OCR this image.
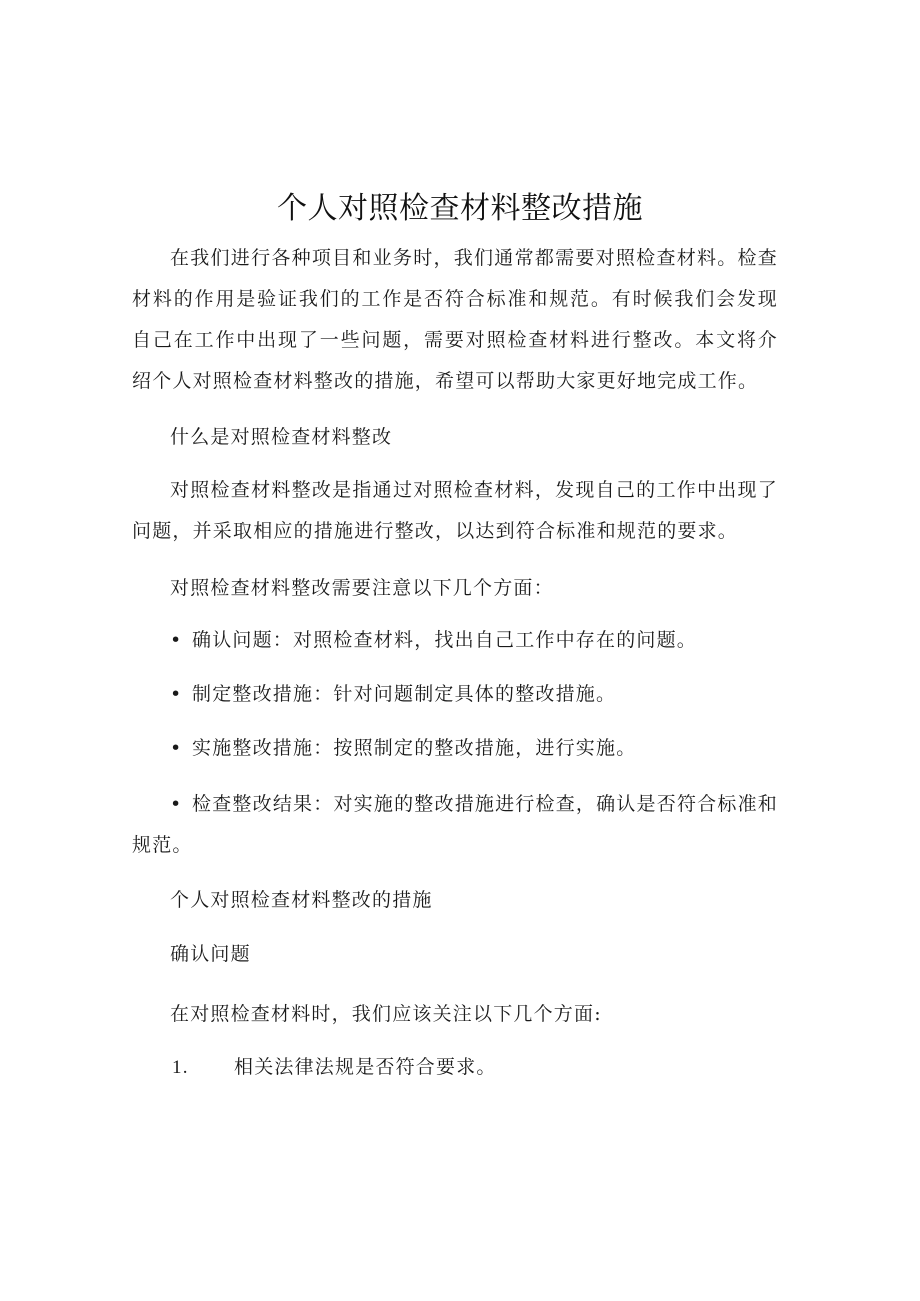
个人对照检查材料整改措施

在我们进行各种项目和业务时，我们通常都需要对照检查材料。检查材料的作用是验证我们的工作是否符合标准和规范。有时候我们会发现自己在工作中出现了一些问题，需要对照检查材料进行整改。本文将介绍个人对照检查材料整改的措施，希望可以帮助大家更好地完成工作。

什么是对照检查材料整改

对照检查材料整改是指通过对照检查材料，发现自己的工作中出现了问题，并采取相应的措施进行整改，以达到符合标准和规范的要求。

对照检查材料整改需要注意以下几个方面：

• 确认问题：对照检查材料，找出自己工作中存在的问题。

• 制定整改措施：针对问题制定具体的整改措施。

• 实施整改措施：按照制定的整改措施，进行实施。

• 检查整改结果：对实施的整改措施进行检查，确认是否符合标准和规范。

个人对照检查材料整改的措施

确认问题

在对照检查材料时，我们应该关注以下几个方面:

1. 相关法律法规是否符合要求。
